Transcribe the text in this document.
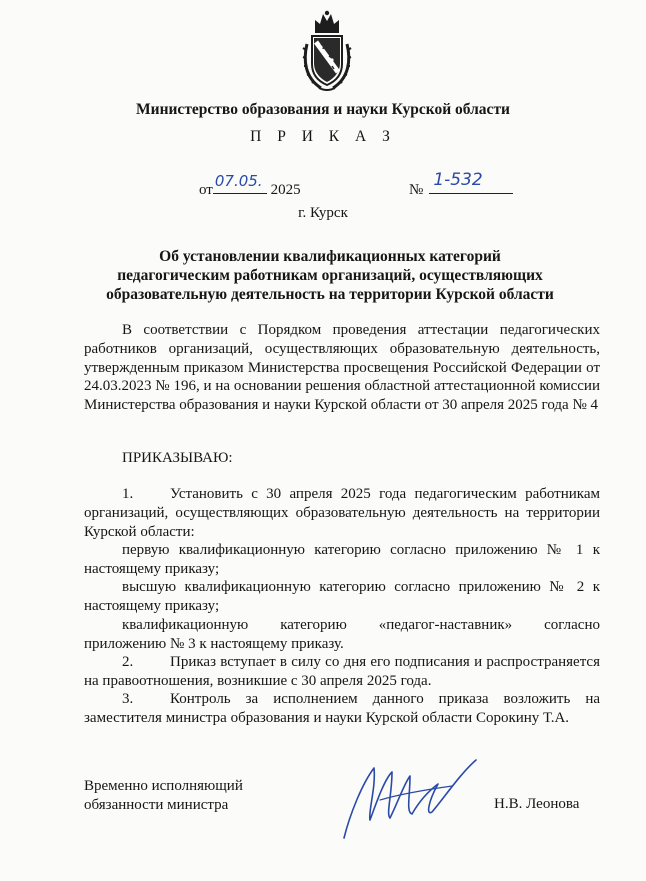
Министерство образования и науки Курской области
П Р И К А З
от 07.05. 2025	№ 1-532
г. Курск
Об установлении квалификационных категорий
педагогическим работникам организаций, осуществляющих
образовательную деятельность на территории Курской области
В соответствии с Порядком проведения аттестации педагогических работников организаций, осуществляющих образовательную деятельность, утвержденным приказом Министерства просвещения Российской Федерации от 24.03.2023 № 196, и на основании решения областной аттестационной комиссии Министерства образования и науки Курской области от 30 апреля 2025 года № 4
ПРИКАЗЫВАЮ:
1. Установить с 30 апреля 2025 года педагогическим работникам организаций, осуществляющих образовательную деятельность на территории Курской области:
первую квалификационную категорию согласно приложению № 1 к настоящему приказу;
высшую квалификационную категорию согласно приложению № 2 к настоящему приказу;
квалификационную категорию «педагог-наставник» согласно приложению № 3 к настоящему приказу.
2. Приказ вступает в силу со дня его подписания и распространяется на правоотношения, возникшие с 30 апреля 2025 года.
3. Контроль за исполнением данного приказа возложить на заместителя министра образования и науки Курской области Сорокину Т.А.
Временно исполняющий
обязанности министра	Н.В. Леонова
